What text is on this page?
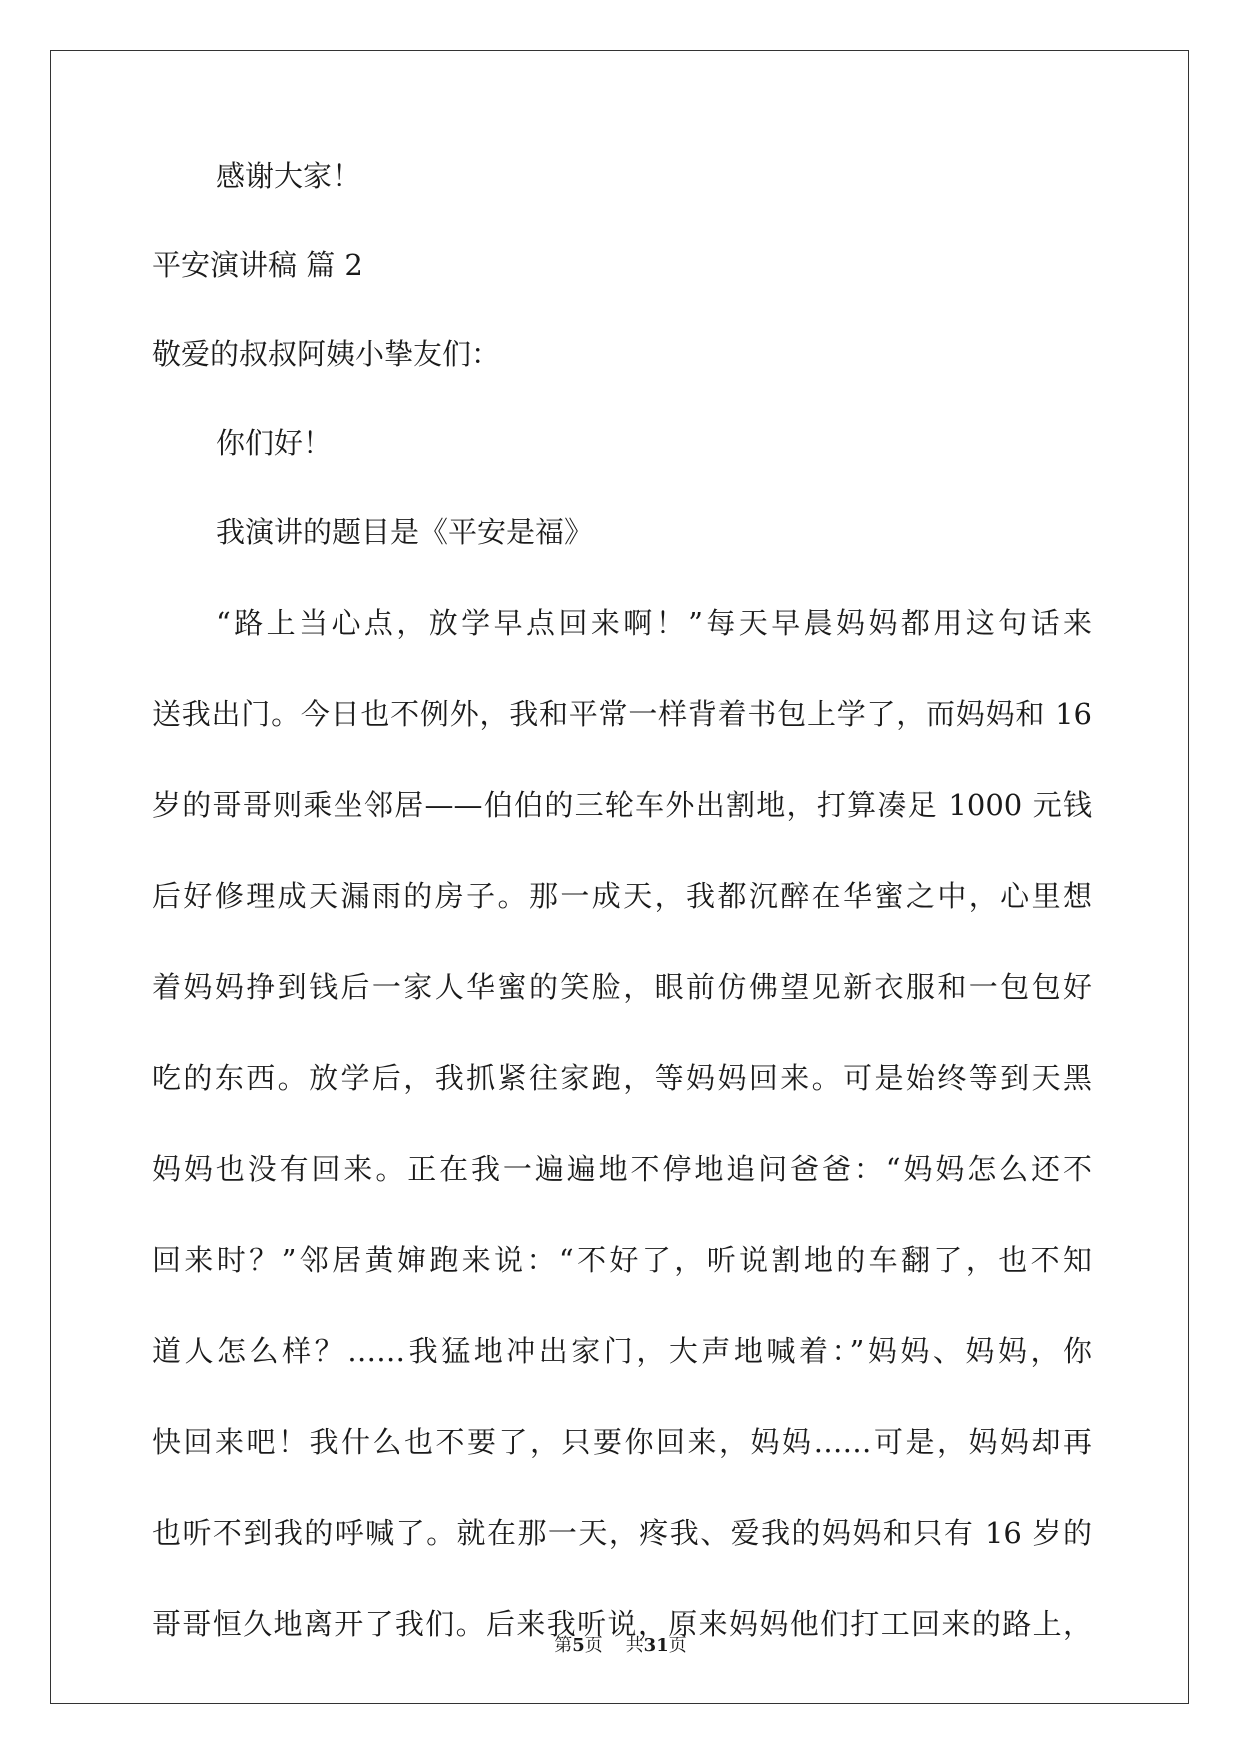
感谢大家！

平安演讲稿 篇 2

敬爱的叔叔阿姨小挚友们：

你们好！

我演讲的题目是《平安是福》

“路上当心点，放学早点回来啊！”每天早晨妈妈都用这句话来

送我出门。今日也不例外，我和平常一样背着书包上学了，而妈妈和 16

岁的哥哥则乘坐邻居——伯伯的三轮车外出割地，打算凑足 1000 元钱

后好修理成天漏雨的房子。那一成天，我都沉醉在华蜜之中，心里想

着妈妈挣到钱后一家人华蜜的笑脸，眼前仿佛望见新衣服和一包包好

吃的东西。放学后，我抓紧往家跑，等妈妈回来。可是始终等到天黑

妈妈也没有回来。正在我一遍遍地不停地追问爸爸：“妈妈怎么还不

回来时？”邻居黄婶跑来说：“不好了，听说割地的车翻了，也不知

道人怎么样？……我猛地冲出家门，大声地喊着：”妈妈、妈妈，你

快回来吧！我什么也不要了，只要你回来，妈妈……可是，妈妈却再

也听不到我的呼喊了。就在那一天，疼我、爱我的妈妈和只有 16 岁的

哥哥恒久地离开了我们。后来我听说，原来妈妈他们打工回来的路上，

第5页    共31页
